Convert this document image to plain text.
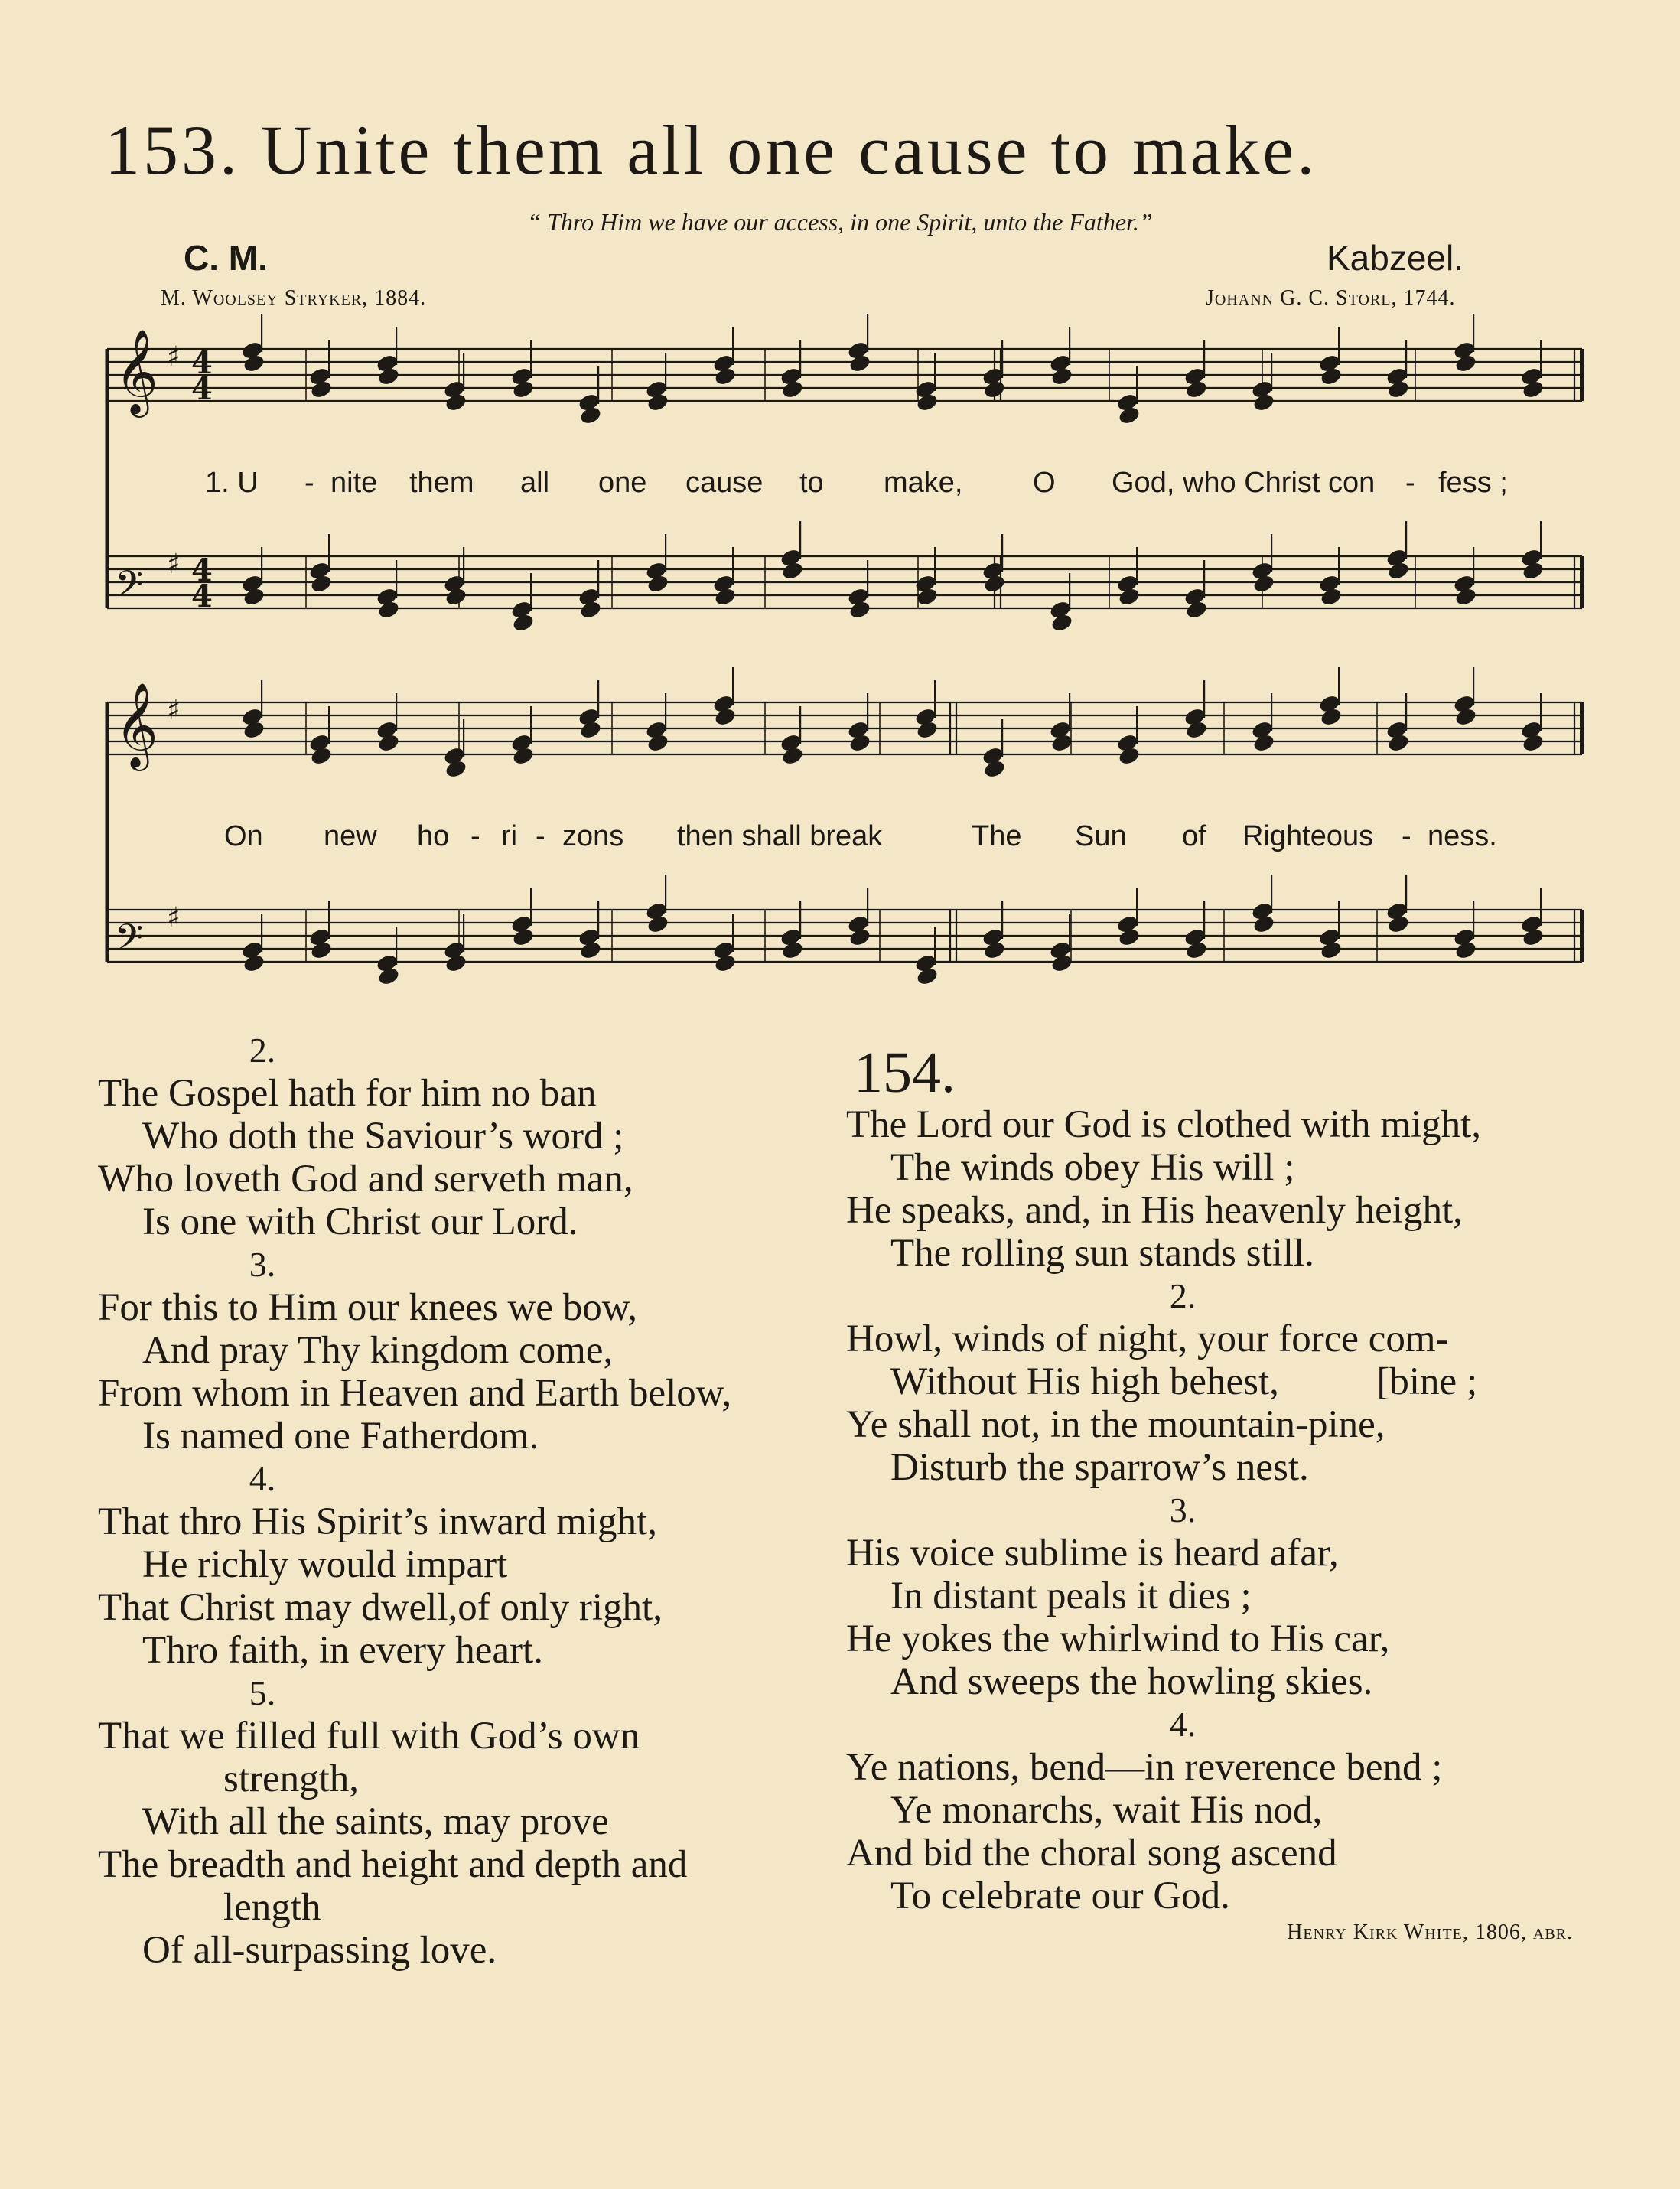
153. Unite them all one cause to make.
“ Thro Him we have our access, in one Spirit, unto the Father.”
C. M.	Kabzeel.
M. Woolsey Stryker, 1884.	Johann G. C. Storl, 1744.
𝄞 ♯ 4
4
𝄢 ♯ 4
4
𝄞 ♯
𝄢 ♯
1. U - nite them all one cause to make, O God, who Christ con - fess ;
On new ho - ri - zons then shall break	The Sun of Righteous - ness.
2.
The Gospel hath for him no ban
Who doth the Saviour’s word ;
Who loveth God and serveth man,
Is one with Christ our Lord.
3.
For this to Him our knees we bow,
And pray Thy kingdom come,
From whom in Heaven and Earth below,
Is named one Fatherdom.
4.
That thro His Spirit’s inward might,
He richly would impart
That Christ may dwell,of only right,
Thro faith, in every heart.
5.
That we filled full with God’s own
strength,
With all the saints, may prove
The breadth and height and depth and
length
Of all-surpassing love.
154.
The Lord our God is clothed with might,
The winds obey His will ;
He speaks, and, in His heavenly height,
The rolling sun stands still.
2.
Howl, winds of night, your force com-
Without His high behest,          [bine ;
Ye shall not, in the mountain-pine,
Disturb the sparrow’s nest.
3.
His voice sublime is heard afar,
In distant peals it dies ;
He yokes the whirlwind to His car,
And sweeps the howling skies.
4.
Ye nations, bend—in reverence bend ;
Ye monarchs, wait His nod,
And bid the choral song ascend
To celebrate our God.
Henry Kirk White, 1806, abr.
